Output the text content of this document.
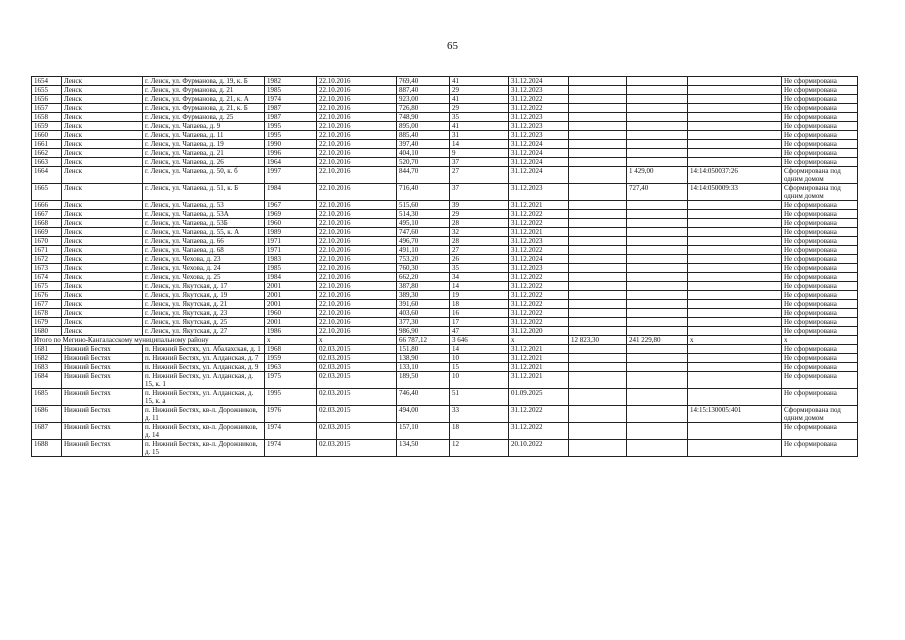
65
1654	Ленск	г. Ленск, ул. Фурманова, д. 19, к. Б	1982	22.10.2016	769,40	41	31.12.2024				Не сформирована
1655	Ленск	г. Ленск, ул. Фурманова, д. 21	1985	22.10.2016	887,40	29	31.12.2023				Не сформирована
1656	Ленск	г. Ленск, ул. Фурманова, д. 21, к. А	1974	22.10.2016	923,00	41	31.12.2022				Не сформирована
1657	Ленск	г. Ленск, ул. Фурманова, д. 21, к. Б	1987	22.10.2016	726,80	29	31.12.2022				Не сформирована
1658	Ленск	г. Ленск, ул. Фурманова, д. 25	1987	22.10.2016	748,90	35	31.12.2023				Не сформирована
1659	Ленск	г. Ленск, ул. Чапаева, д. 9	1995	22.10.2016	895,00	41	31.12.2023				Не сформирована
1660	Ленск	г. Ленск, ул. Чапаева, д. 11	1995	22.10.2016	885,40	31	31.12.2023				Не сформирована
1661	Ленск	г. Ленск, ул. Чапаева, д. 19	1990	22.10.2016	397,40	14	31.12.2024				Не сформирована
1662	Ленск	г. Ленск, ул. Чапаева, д. 21	1996	22.10.2016	404,10	9	31.12.2024				Не сформирована
1663	Ленск	г. Ленск, ул. Чапаева, д. 26	1964	22.10.2016	520,70	37	31.12.2024				Не сформирована
1664	Ленск	г. Ленск, ул. Чапаева, д. 50, к. б	1997	22.10.2016	844,70	27	31.12.2024		1 429,00	14:14:050037:26	Сформирована под одним домом
1665	Ленск	г. Ленск, ул. Чапаева, д. 51, к. Б	1984	22.10.2016	716,40	37	31.12.2023		727,40	14:14:050009:33	Сформирована под одним домом
1666	Ленск	г. Ленск, ул. Чапаева, д. 53	1967	22.10.2016	515,60	39	31.12.2021				Не сформирована
1667	Ленск	г. Ленск, ул. Чапаева, д. 53А	1969	22.10.2016	514,30	29	31.12.2022				Не сформирована
1668	Ленск	г. Ленск, ул. Чапаева, д. 53Б	1960	22.10.2016	495,10	28	31.12.2022				Не сформирована
1669	Ленск	г. Ленск, ул. Чапаева, д. 55, к. А	1989	22.10.2016	747,60	32	31.12.2021				Не сформирована
1670	Ленск	г. Ленск, ул. Чапаева, д. 66	1971	22.10.2016	496,70	28	31.12.2023				Не сформирована
1671	Ленск	г. Ленск, ул. Чапаева, д. 68	1971	22.10.2016	491,10	27	31.12.2022				Не сформирована
1672	Ленск	г. Ленск, ул. Чехова, д. 23	1983	22.10.2016	753,20	26	31.12.2024				Не сформирована
1673	Ленск	г. Ленск, ул. Чехова, д. 24	1985	22.10.2016	760,30	35	31.12.2023				Не сформирована
1674	Ленск	г. Ленск, ул. Чехова, д. 25	1984	22.10.2016	662,20	34	31.12.2022				Не сформирована
1675	Ленск	г. Ленск, ул. Якутская, д. 17	2001	22.10.2016	387,80	14	31.12.2022				Не сформирована
1676	Ленск	г. Ленск, ул. Якутская, д. 19	2001	22.10.2016	389,30	19	31.12.2022				Не сформирована
1677	Ленск	г. Ленск, ул. Якутская, д. 21	2001	22.10.2016	391,60	18	31.12.2022				Не сформирована
1678	Ленск	г. Ленск, ул. Якутская, д. 23	1960	22.10.2016	403,60	16	31.12.2022				Не сформирована
1679	Ленск	г. Ленск, ул. Якутская, д. 25	2001	22.10.2016	377,30	17	31.12.2022				Не сформирована
1680	Ленск	г. Ленск, ул. Якутская, д. 27	1986	22.10.2016	986,90	47	31.12.2020				Не сформирована
Итого по Мегино-Кангаласскому муниципальному району			x	x	66 787,12	3 646	x	12 823,30	241 229,80	x	x
1681	Нижний Бестях	п. Нижний Бестях, ул. Абалахская, д. 1	1968	02.03.2015	151,80	14	31.12.2021				Не сформирована
1682	Нижний Бестях	п. Нижний Бестях, ул. Алданская, д. 7	1959	02.03.2015	138,90	10	31.12.2021				Не сформирована
1683	Нижний Бестях	п. Нижний Бестях, ул. Алданская, д. 9	1963	02.03.2015	133,10	15	31.12.2021				Не сформирована
1684	Нижний Бестях	п. Нижний Бестях, ул. Алданская, д. 15, к. 1	1975	02.03.2015	189,50	10	31.12.2021				Не сформирована
1685	Нижний Бестях	п. Нижний Бестях, ул. Алданская, д. 15, к. а	1995	02.03.2015	746,40	51	01.09.2025				Не сформирована
1686	Нижний Бестях	п. Нижний Бестях, кв-л. Дорожников, д. 11	1976	02.03.2015	494,00	33	31.12.2022			14:15:130005:401	Сформирована под одним домом
1687	Нижний Бестях	п. Нижний Бестях, кв-л. Дорожников, д. 14	1974	02.03.2015	157,10	18	31.12.2022				Не сформирована
1688	Нижний Бестях	п. Нижний Бестях, кв-л. Дорожников, д. 15	1974	02.03.2015	134,50	12	20.10.2022				Не сформирована
